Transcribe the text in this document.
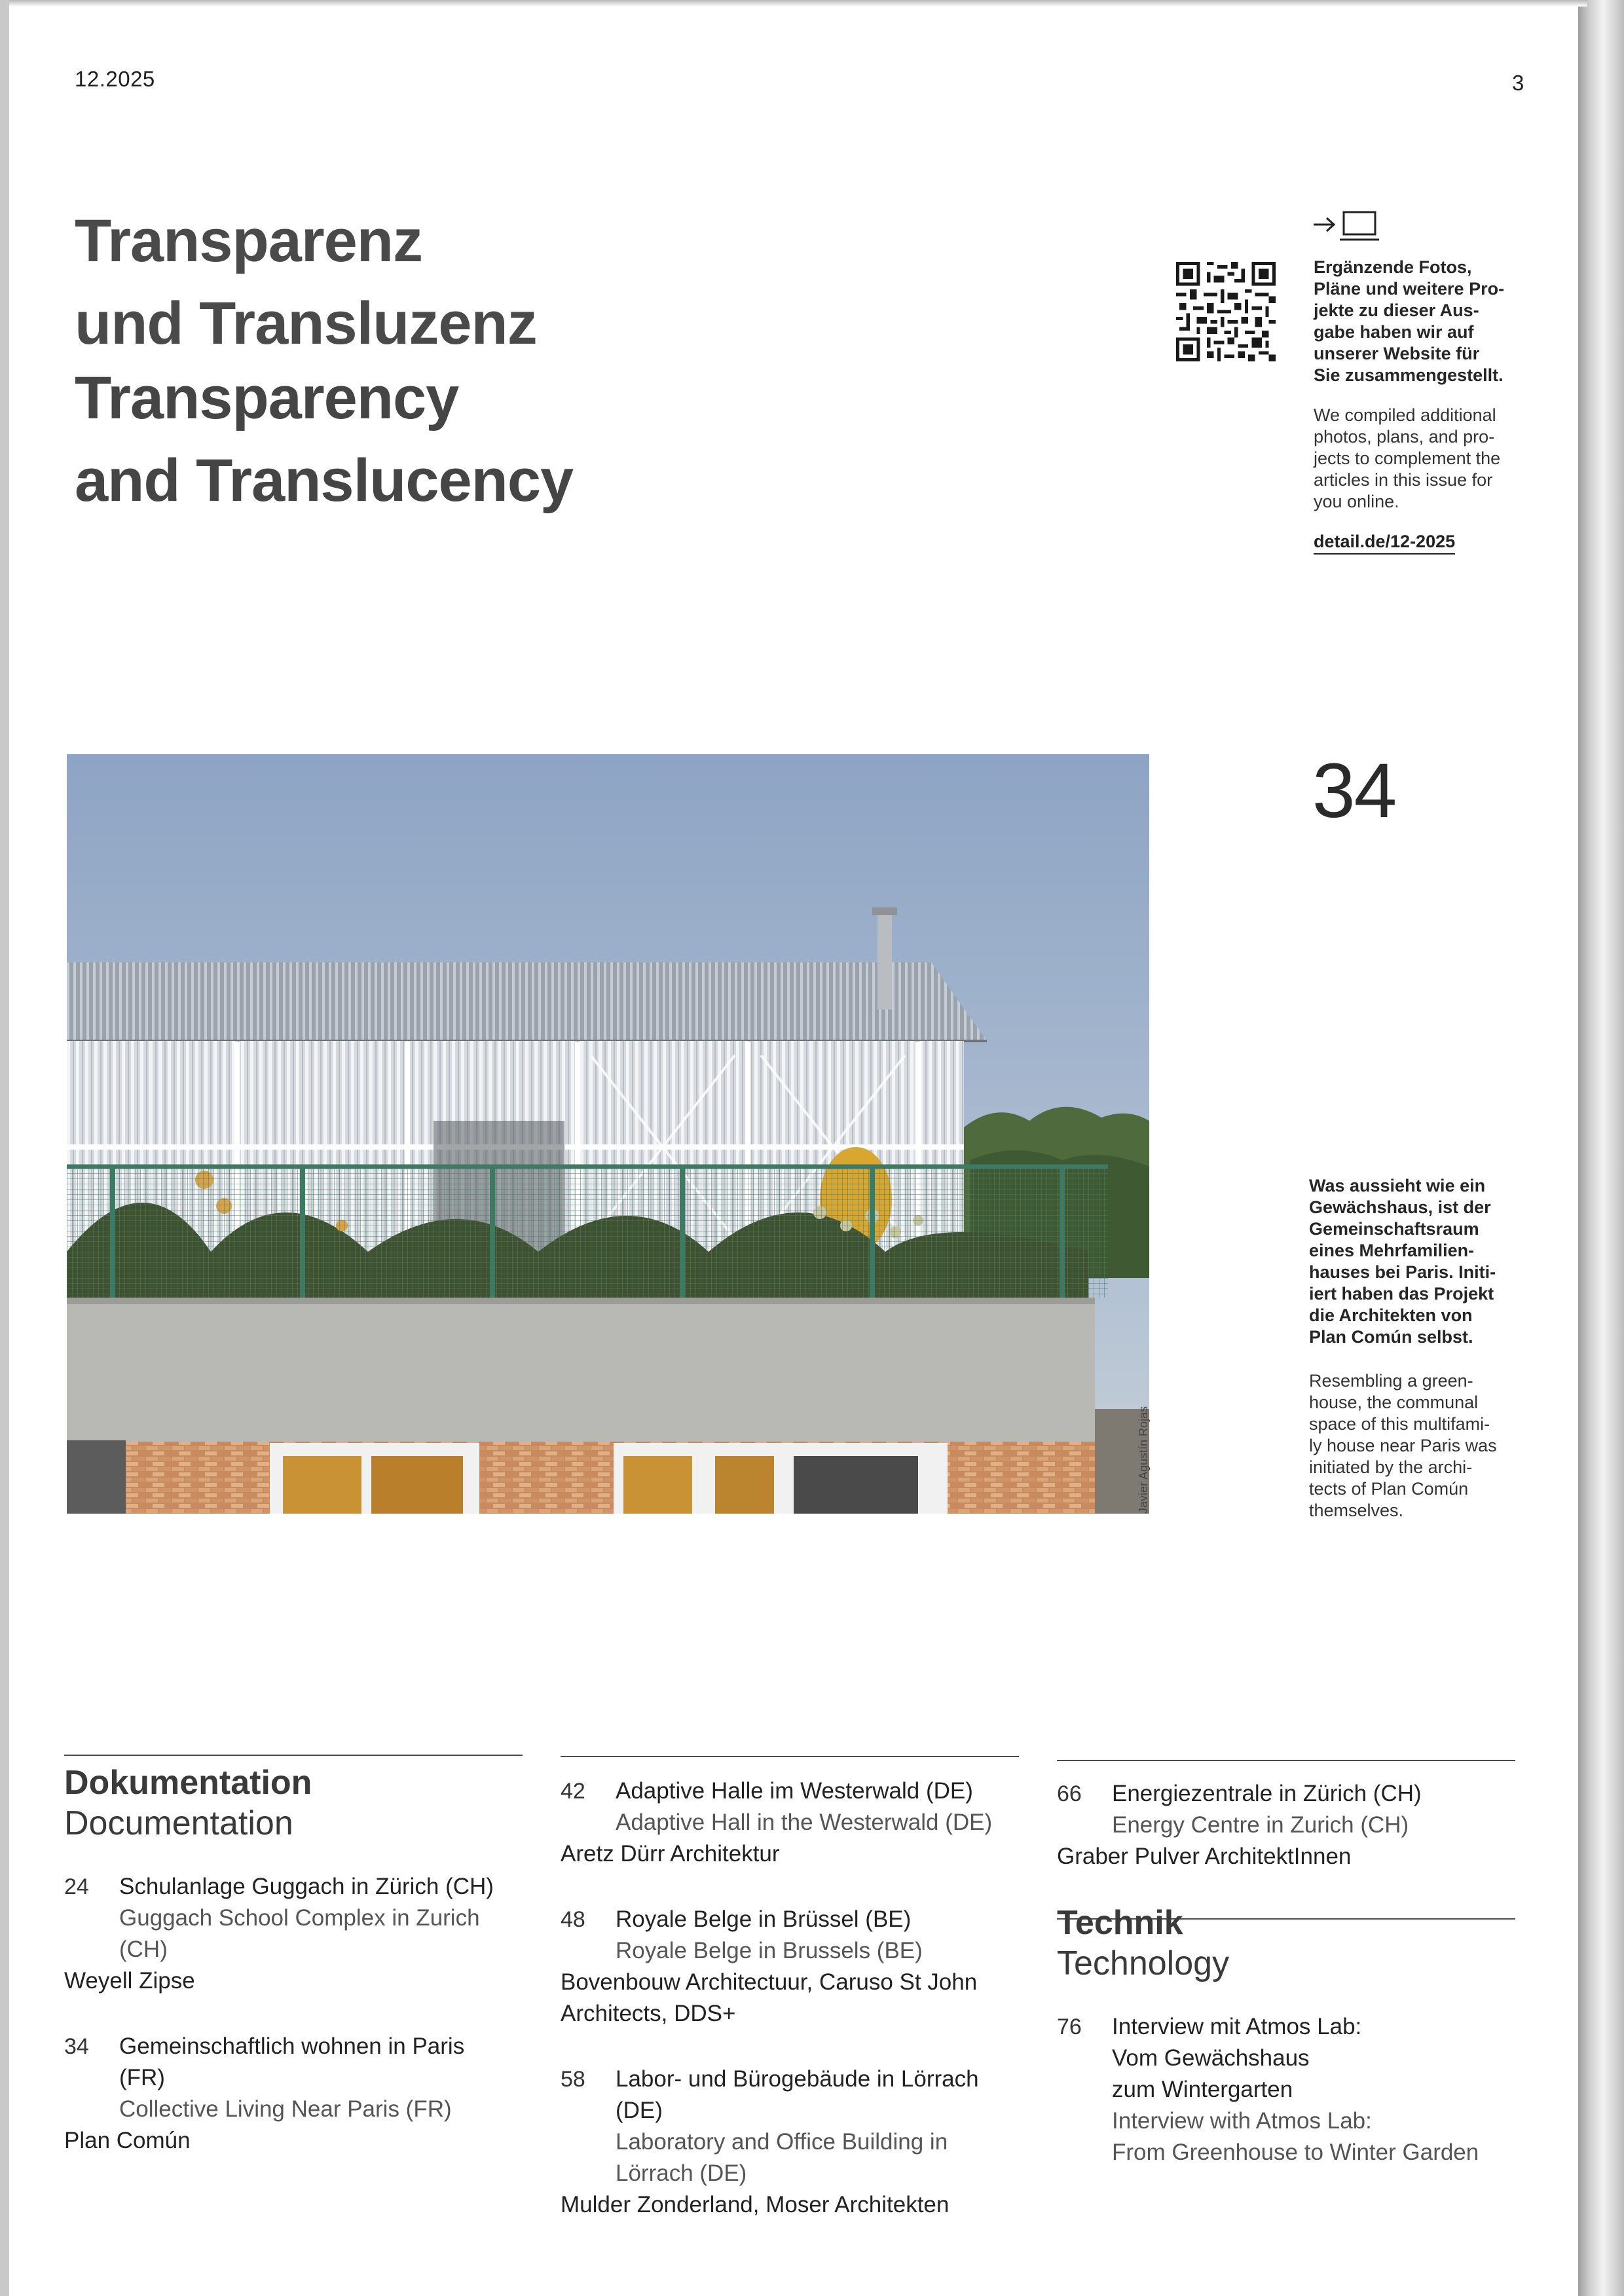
12.2025	3
Transparenz
und Transluzenz
Transparency
and Translucency

Ergänzende Fotos,
Pläne und weitere Pro-
jekte zu dieser Aus-
gabe haben wir auf
unserer Website für
Sie zusammengestellt.

We compiled additional
photos, plans, and pro-
jects to complement the
articles in this issue for
you online.

detail.de/12-2025
Javier Agustín Rojas
34

Was aussieht wie ein
Gewächshaus, ist der
Gemeinschaftsraum
eines Mehrfamilien-
hauses bei Paris. Initi-
iert haben das Projekt
die Architekten von
Plan Común selbst.

Resembling a green-
house, the communal
space of this multifami-
ly house near Paris was
initiated by the archi-
tects of Plan Común
themselves.

Dokumentation
Documentation
24	Schulanlage Guggach in Zürich (CH)
Guggach School Complex in Zurich
(CH)
Weyell Zipse
34	Gemeinschaftlich wohnen in Paris
(FR)
Collective Living Near Paris (FR)
Plan Común
42	Adaptive Halle im Westerwald (DE)
Adaptive Hall in the Westerwald (DE)
Aretz Dürr Architektur
48	Royale Belge in Brüssel (BE)
Royale Belge in Brussels (BE)
Bovenbouw Architectuur, Caruso St John
Architects, DDS+
58	Labor- und Bürogebäude in Lörrach
(DE)
Laboratory and Office Building in
Lörrach (DE)
Mulder Zonderland, Moser Architekten
66	Energiezentrale in Zürich (CH)
Energy Centre in Zurich (CH)
Graber Pulver ArchitektInnen
Technik
Technology
76	Interview mit Atmos Lab:
Vom Gewächshaus
zum Wintergarten
Interview with Atmos Lab:
From Greenhouse to Winter Garden
